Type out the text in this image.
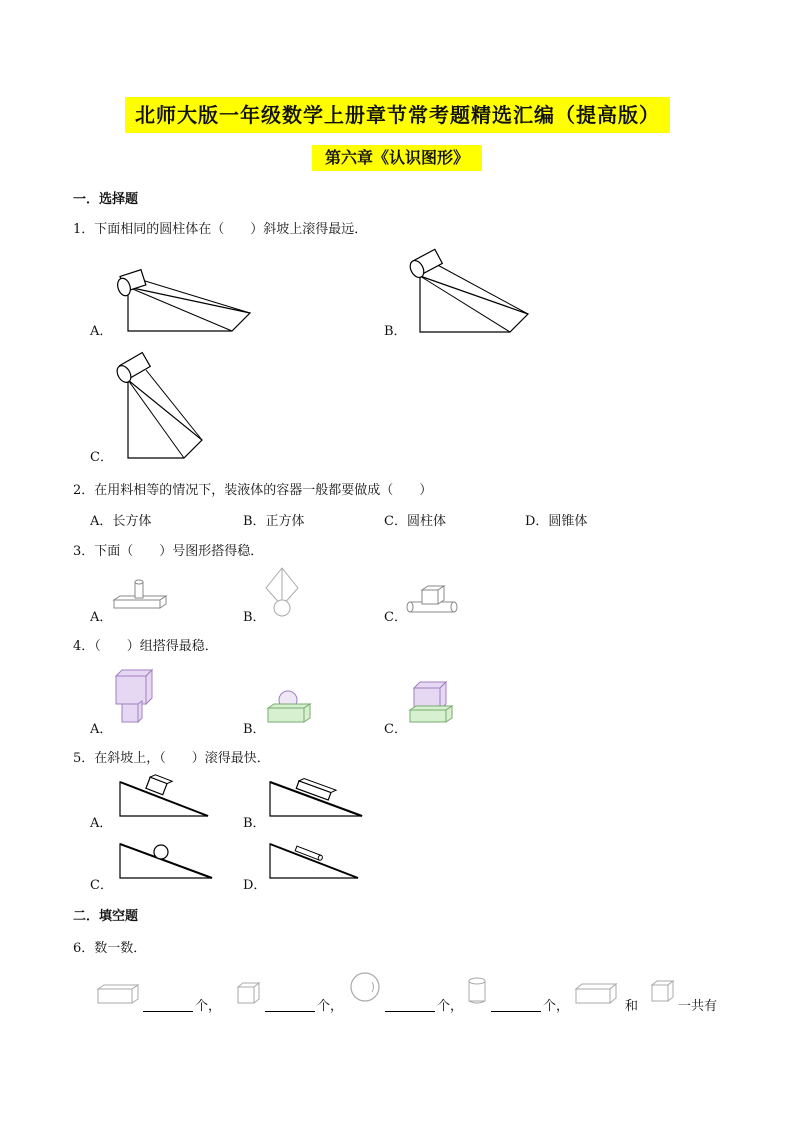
北师大版一年级数学上册章节常考题精选汇编（提高版）
第六章《认识图形》
一．选择题
1．下面相同的圆柱体在（　　）斜坡上滚得最远．
A．	B．
C．
2．在用料相等的情况下，装液体的容器一般都要做成（　　）
A．长方体	B．正方体	C．圆柱体	D．圆锥体
3．下面（　　）号图形搭得稳．
A．	B．	C．
4．（　　）组搭得最稳．
A．	B．	C．
5．在斜坡上，（　　）滚得最快．
A．	B．
C．	D．
二．填空题
6．数一数．
个，	个，	个，	个，	和	一共有
